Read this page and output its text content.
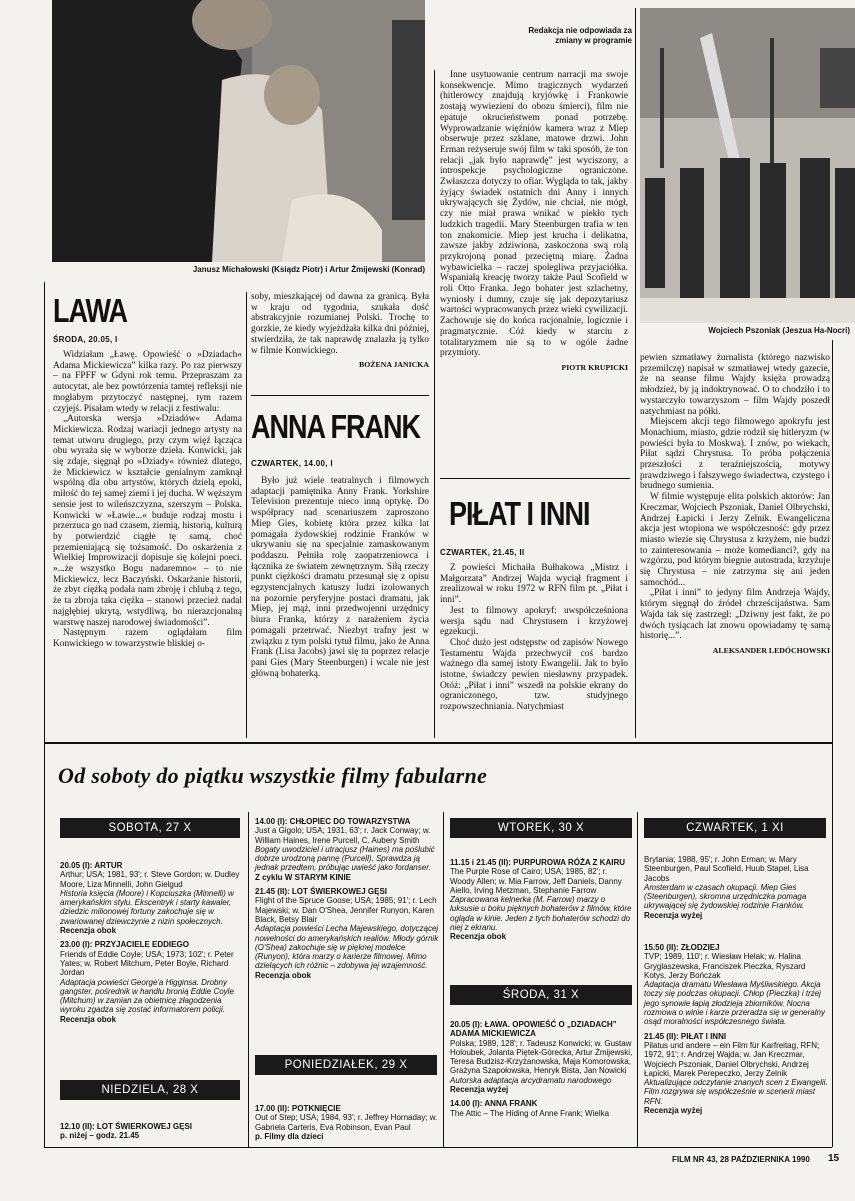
Janusz Michałowski (Ksiądz Piotr) i Artur Żmijewski (Konrad)
Wojciech Pszoniak (Jeszua Ha-Nocri)
Redakcja nie odpowiada za zmiany w programie
LAWA
ŚRODA, 20.05, I

Widziałam „Ławę. Opowieść o »Dziadach« Adama Mickiewicza” kilka razy. Po raz pierwszy – na FPFF w Gdyni rok temu. Przepraszam za autocytat, ale bez powtórzenia tamtej refleksji nie mogłabym przytoczyć następnej, tym razem czyjejś. Pisałam wtedy w relacji z festiwalu:

„Autorska wersja »Dziadów« Adama Mickiewicza. Rodzaj wariacji jednego artysty na temat utworu drugiego, przy czym więź łącząca obu wyraża się w wyborze dzieła. Konwicki, jak się zdaje, sięgnął po »Dziady« również dlatego, że Mickiewicz w kształcie genialnym zamknął wspólną dla obu artystów, których dzielą epoki, miłość do tej samej ziemi i jej ducha. W węższym sensie jest to wileńszczyzna, szerszym – Polska. Konwicki w »Ławie...« buduje rodzaj mostu i przerzuca go nad czasem, ziemią, historią, kulturą by potwierdzić ciągłe tę samą, choć przemieniającą się tożsamość. Do oskarżenia z Wielkiej Improwizacji dopisuje się kolejni poeci. »...że wszystko Bogu nadaremno« – to nie Mickiewicz, lecz Baczyński. Oskarżanie historii, że zbyt ciężką podała nam zbroję i chlubą z tego, że ta zbroja taka ciężka – stanowi przecież nadal najgłębiej ukrytą, wstydliwą, bo nierazcjonalną warstwę naszej narodowej świadomości”.

Następnym razem oglądałam film Konwickiego w towarzystwie bliskiej o-

soby, mieszkającej od dawna za granicą. Była w kraju od tygodnia, szukała dość abstrakcyjnie rozumianej Polski. Trochę to gorzkie, że kiedy wyjeżdżała kilka dni później, stwierdziła, że tak naprawdę znalazła ją tylko w filmie Konwickiego.

BOŻENA JANICKA
ANNA FRANK
CZWARTEK, 14.00, I

Było już wiele teatralnych i filmowych adaptacji pamiętnika Anny Frank. Yorkshire Television prezentuje nieco inną optykę. Do współpracy nad scenariuszem zaproszono Miep Gies, kobietę która przez kilka lat pomagała żydowskiej rodzinie Franków w ukrywaniu się na specjalnie zamaskowanym poddaszu. Pełniła rolę zaopatrzeniowca i łącznika ze światem zewnętrznym. Siłą rzeczy punkt ciężkości dramatu przesunął się z opisu egzystencjalnych katuszy ludzi izolowanych na pozornie peryferyjne postaci dramatu, jak Miep, jej mąż, inni przedwojenni urzędnicy biura Franka, którzy z narażeniem życia pomagali przetrwać. Niezbyt trafny jest w związku z tym polski tytuł filmu, jako że Anna Frank (Lisa Jacobs) jawi się tu poprzez relacje pani Gies (Mary Steenburgen) i wcale nie jest główną bohaterką.

Inne usytuowanie centrum narracji ma swoje konsekwencje. Mimo tragicznych wydarzeń (hitlerowcy znajdują kryjówkę i Frankowie zostają wywiezieni do obozu śmierci), film nie epatuje okrucieństwem ponad potrzebę. Wyprowadzanie więźniów kamera wraz z Miep obserwuje przez szklane, matowe drzwi. John Erman reżyseruje swój film w taki sposób, że ton relacji „jak było naprawdę” jest wyciszony, a introspekcje psychologiczne ograniczone. Zwłaszcza dotyczy to ofiar. Wygląda to tak, jakby żyjący świadek ostatnich dni Anny i innych ukrywających się Żydów, nie chciał, nie mógł, czy nie miał prawa wnikać w piekło tych ludzkich tragedii. Mary Steenburgen trafia w ten ton znakomicie. Miep jest krucha i delikatna, zawsze jakby zdziwiona, zaskoczona swą rolą przykrojoną ponad przeciętną miarę. Żadna wybawicielka – raczej spolegliwa przyjaciółka. Wspaniałą kreację tworzy także Paul Scofield w roli Otto Franka. Jego bohater jest szlachetny, wyniosły i dumny, czuje się jak depozytariusz wartości wypracowanych przez wieki cywilizacji. Zachowuje się do końca racjonalnie, logicznie i pragmatycznie. Cóż kiedy w starciu z totalitaryzmem nie są to w ogóle żadne przymioty.

PIOTR KRUPICKI
PIŁAT I INNI
CZWARTEK, 21.45, II

Z powieści Michaiła Bułhakowa „Mistrz i Małgorzata” Andrzej Wajda wyciął fragment i zrealizował w roku 1972 w RFN film pt. „Piłat i inni”.

Jest to filmowy apokryf: uwspółcześniona wersja sądu nad Chrystusem i krzyżowej egzekucji.

Choć dużo jest odstępstw od zapisów Nowego Testamentu Wajda przechwycił coś bardzo ważnego dla samej istoty Ewangelii. Jak to było istotne, świadczy pewien niesławny przypadek. Otóż: „Piłat i inni” wszedł na polskie ekrany do ograniczonego, tzw. studyjnego rozpowszechniania. Natychmiast

pewien szmatławy żurnalista (którego nazwisko przemilczę) napisał w szmatławej wtedy gazecie, że na seanse filmu Wajdy księża prowadzą młodzież, by ją indoktrynować. O to chodziło i to wystarczyło towarzyszom – film Wajdy poszedł natychmiast na półki.

Miejscem akcji tego filmowego apokryfu jest Monachium, miasto, gdzie rodził się hitleryzm (w powieści była to Moskwa). I znów, po wiekach, Piłat sądzi Chrystusa. To próba połączenia przeszłości z teraźniejszością, motywy prawdziwego i fałszywego świadectwa, czystego i brudnego sumienia.

W filmie występuje elita polskich aktorów: Jan Kreczmar, Wojciech Pszoniak, Daniel Olbrychski, Andrzej Łapicki i Jerzy Zelnik. Ewangeliczna akcja jest wtopiona we współczesność: gdy przez miasto wiezie się Chrystusa z krzyżem, nie budzi to zainteresowania – może komedianci?, gdy na wzgórzu, pod którym biegnie autostrada, krzyżuje się Chrystusa – nie zatrzyma się ani jeden samochód...

„Piłat i inni” to jedyny film Andrzeja Wajdy, którym sięgnął do źródeł chrześcijaństwa. Sam Wajda tak się zastrzegł: „Dziwny jest fakt, że po dwóch tysiącach lat znowu opowiadamy tę samą historię...”.

ALEKSANDER LEDÓCHOWSKI
Od soboty do piątku wszystkie filmy fabularne
SOBOTA, 27 X
NIEDZIELA, 28 X
PONIEDZIAŁEK, 29 X
WTOREK, 30 X
ŚRODA, 31 X
CZWARTEK, 1 XI
20.05 (I): ARTUR
Arthur; USA; 1981, 93'; r. Steve Gordon; w. Dudley Moore, Liza Minnelli, John Gielgud
Historia księcia (Moore) i Kopciuszka (Minnelli) w amerykańskim stylu. Ekscentryk i starty kawaler, dziedzic milionowej fortuny zakochuje się w zwariowanej dziewczynie z nizin społecznych.
Recenzja obok
23.00 (I): PRZYJACIELE EDDIEGO
Friends of Eddie Coyle; USA; 1973; 102'; r. Peter Yates; w. Robert Mitchum, Peter Boyle, Richard Jordan
Adaptacja powieści George'a Higginsa. Drobny gangster, pośrednik w handlu bronią Eddie Coyle (Mitchum) w zamian za obietnicę złagodzenia wyroku zgadza się zostać informatorem policji.
Recenzja obok
12.10 (II): LOT ŚWIERKOWEJ GĘSI
p. niżej – godz. 21.45
14.00 (I): CHŁOPIEC DO TOWARZYSTWA
Just a Gigolo; USA; 1931, 63'; r. Jack Conway; w. William Haines, Irene Purcell, C. Aubery Smith
Bogaty uwodziciel i utracjusz (Haines) ma poślubić dobrze urodzoną pannę (Purcell). Sprawdza ją jednak przedtem, próbując uwieść jako fordanser.
Z cyklu W STARYM KINIE
21.45 (II): LOT ŚWIERKOWEJ GĘSI
Flight of the Spruce Goose; USA; 1985; 91'; r. Lech Majewski; w. Dan O'Shea, Jennifer Runyon, Karen Black, Betsy Blair
Adaptacja powieści Lecha Majewskiego, dotyczącej nowelności do amerykańskich realiów. Młody górnik (O'Shea) zakochuje się w pięknej modelce (Runyon), która marzy o karierze filmowej. Mimo dzielących ich różnic – zdobywa jej wzajemność.
Recenzja obok
17.00 (II): POTKNIĘCIE
Out of Step; USA; 1984, 93'; r. Jeffrey Hornaday; w. Gabriela Carteris, Eva Robinson, Evan Paul
p. Filmy dla dzieci
11.15 i 21.45 (II): PURPUROWA RÓŻA Z KAIRU
The Purple Rose of Cairo; USA; 1985, 82'; r. Woody Allen; w. Mia Farrow, Jeff Daniels, Danny Aiello, Irving Metzman, Stephanie Farrow
Zapracowana kelnerka (M. Farrow) marzy o luksusie u boku pięknych bohaterów z filmów, które ogląda w kinie. Jeden z tych bohaterów schodzi do niej z ekranu.
Recenzja obok
20.05 (I): ŁAWA. OPOWIEŚĆ O „DZIADACH” ADAMA MICKIEWICZA
Polska; 1989, 128'; r. Tadeusz Konwicki; w. Gustaw Holoubek, Jolanta Piętek-Górecka, Artur Żmijewski, Teresa Budzisz-Krzyżanowska, Maja Komorowska, Grażyna Szapołowska, Henryk Bista, Jan Nowicki
Autorska adaptacja arcydramatu narodowego
Recenzja wyżej
14.00 (I): ANNA FRANK
The Attic – The Hiding of Anne Frank; Wielka
Brytania; 1988, 95'; r. John Erman; w. Mary Steenburgen, Paul Scofield, Huub Stapel, Lisa Jacobs
Amsterdam w czasach okupacji. Miep Gies (Steenburgen), skromna urzędniczka pomaga ukrywającej się żydowskiej rodzinie Franków.
Recenzja wyżej
15.50 (II): ZŁODZIEJ
TVP; 1989, 110'; r. Wiesław Helak; w. Halina Gryglaszewska, Franciszek Pieczka, Ryszard Kotys, Jerzy Bończak
Adaptacja dramatu Wiesława Myśliwskiego. Akcja toczy się podczas okupacji. Chłop (Pieczka) i trzej jego synowie łapią złodzieja zbiorników. Nocna rozmowa o winie i karze przeradza się w generalny osąd moralności współczesnego świata.
21.45 (II): PIŁAT I INNI
Pilatus und andere – ein Film für Karfreitag, RFN; 1972, 91'; r. Andrzej Wajda; w. Jan Kreczmar, Wojciech Pszoniak, Daniel Olbrychski, Andrzej Łapicki, Marek Perepeczko, Jerzy Zelnik
Aktualizujące odczytanie znanych scen z Ewangelii. Film rozgrywa się współcześnie w scenerii miast RFN.
Recenzja wyżej
FILM NR 43, 28 PAŹDZIERNIKA 1990 15
